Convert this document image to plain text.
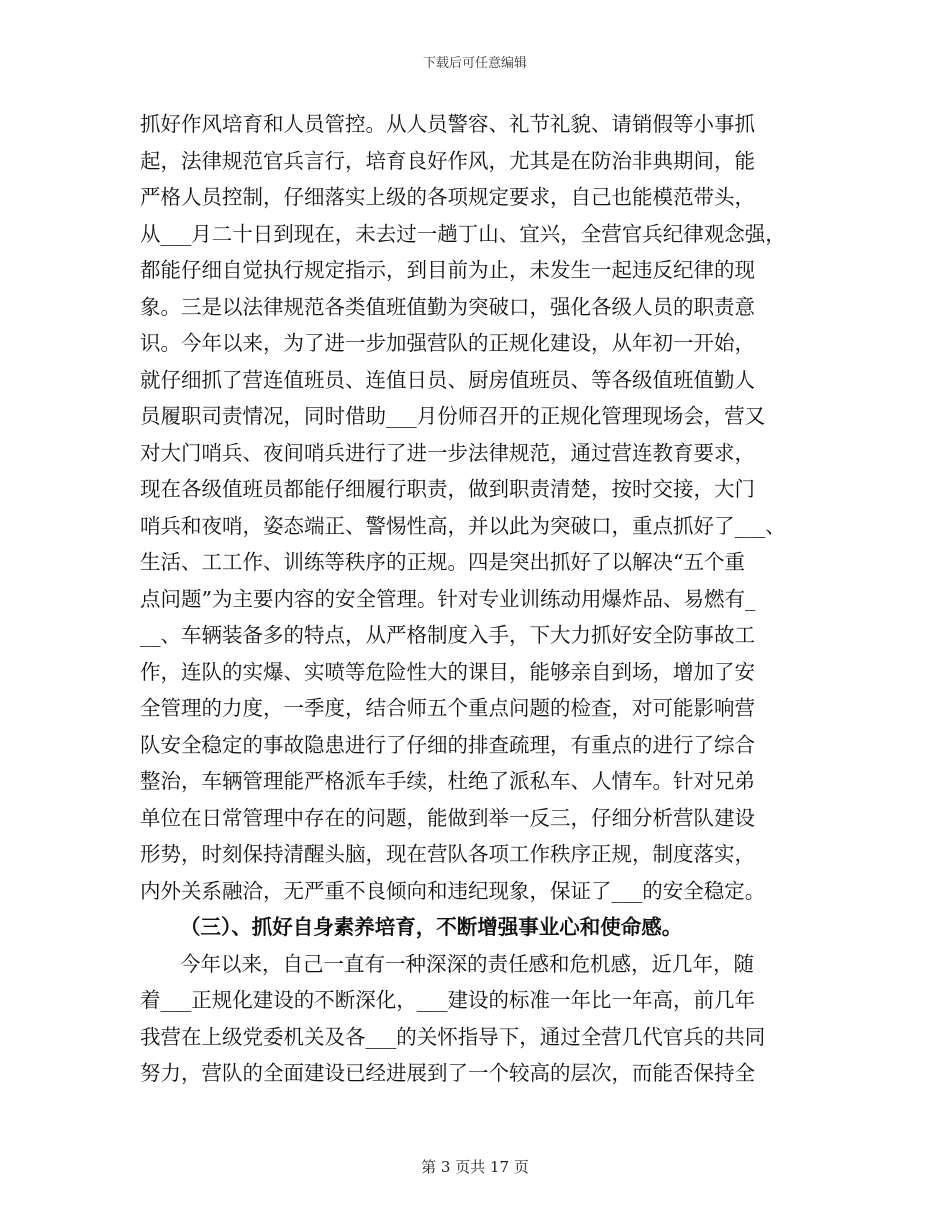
下载后可任意编辑
抓好作风培育和人员管控。从人员警容、礼节礼貌、请销假等小事抓
起，法律规范官兵言行，培育良好作风，尤其是在防治非典期间，能
严格人员控制，仔细落实上级的各项规定要求，自己也能模范带头，
从___月二十日到现在，未去过一趟丁山、宜兴，全营官兵纪律观念强，
都能仔细自觉执行规定指示，到目前为止，未发生一起违反纪律的现
象。三是以法律规范各类值班值勤为突破口，强化各级人员的职责意
识。今年以来，为了进一步加强营队的正规化建设，从年初一开始，
就仔细抓了营连值班员、连值日员、厨房值班员、等各级值班值勤人
员履职司责情况，同时借助___月份师召开的正规化管理现场会，营又
对大门哨兵、夜间哨兵进行了进一步法律规范，通过营连教育要求，
现在各级值班员都能仔细履行职责，做到职责清楚，按时交接，大门
哨兵和夜哨，姿态端正、警惕性高，并以此为突破口，重点抓好了___、
生活、工工作、训练等秩序的正规。四是突出抓好了以解决“五个重
点问题”为主要内容的安全管理。针对专业训练动用爆炸品、易燃有_
__、车辆装备多的特点，从严格制度入手，下大力抓好安全防事故工
作，连队的实爆、实喷等危险性大的课目，能够亲自到场，增加了安
全管理的力度，一季度，结合师五个重点问题的检查，对可能影响营
队安全稳定的事故隐患进行了仔细的排查疏理，有重点的进行了综合
整治，车辆管理能严格派车手续，杜绝了派私车、人情车。针对兄弟
单位在日常管理中存在的问题，能做到举一反三，仔细分析营队建设
形势，时刻保持清醒头脑，现在营队各项工作秩序正规，制度落实，
内外关系融洽，无严重不良倾向和违纪现象，保证了___的安全稳定。
（三）、抓好自身素养培育，不断增强事业心和使命感。
今年以来，自己一直有一种深深的责任感和危机感，近几年，随
着___正规化建设的不断深化，___建设的标准一年比一年高，前几年
我营在上级党委机关及各___的关怀指导下，通过全营几代官兵的共同
努力，营队的全面建设已经进展到了一个较高的层次，而能否保持全
第 3 页共 17 页
